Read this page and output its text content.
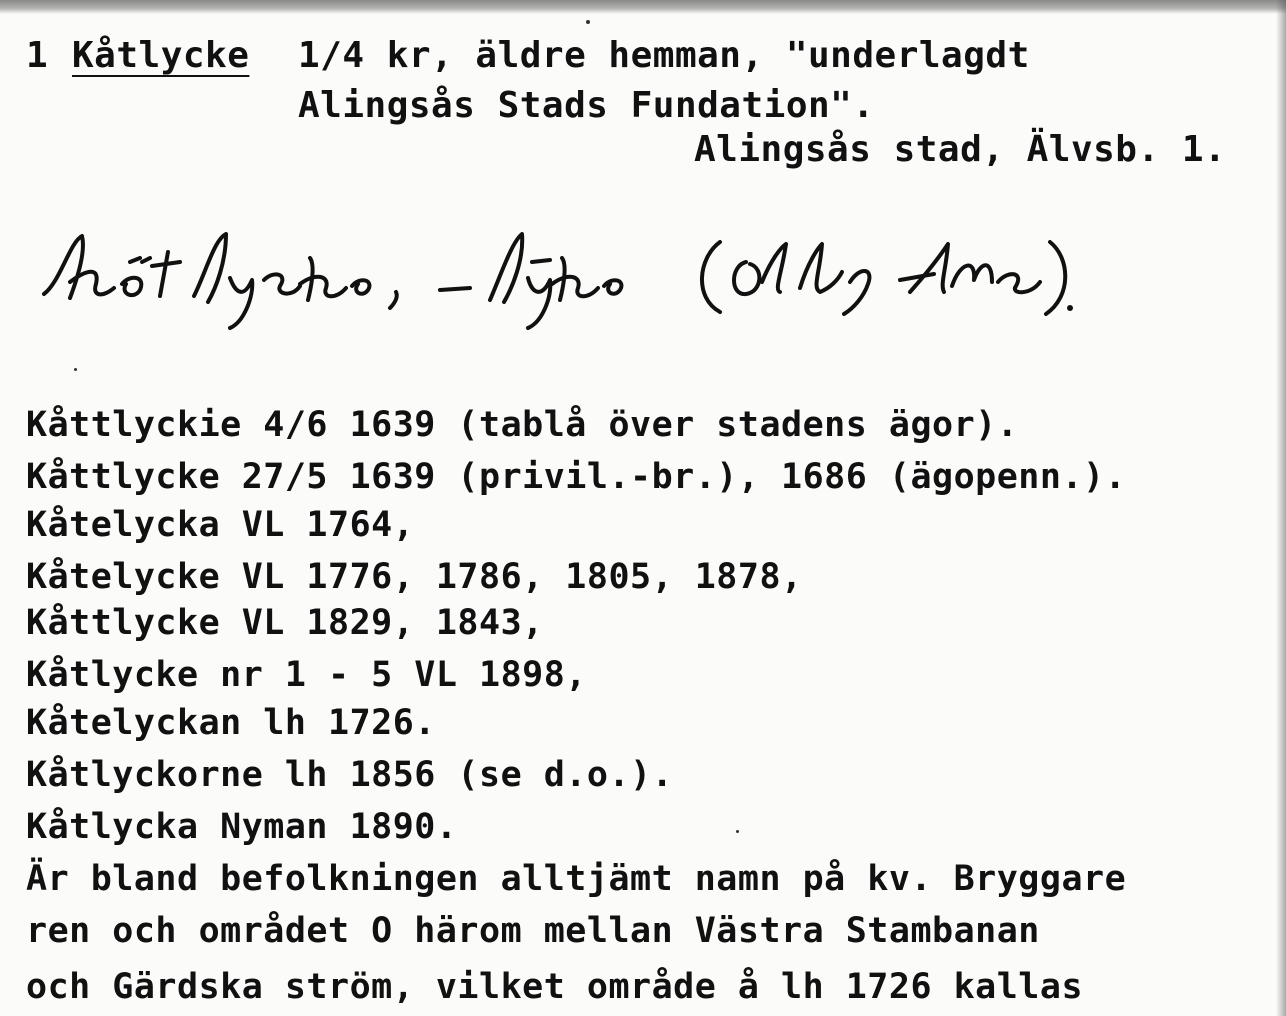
1 Kåtlycke 1/4 kr, äldre hemman, "underlagdt
Alingsås Stads Fundation".
Alingsås stad, Älvsb. 1.
Kåttlyckie 4/6 1639 (tablå över stadens ägor).
Kåttlycke 27/5 1639 (privil.-br.), 1686 (ägopenn.).
Kåtelycka VL 1764,
Kåtelycke VL 1776, 1786, 1805, 1878,
Kåttlycke VL 1829, 1843,
Kåtlycke nr 1 - 5 VL 1898,
Kåtelyckan lh 1726.
Kåtlyckorne lh 1856 (se d.o.).
Kåtlycka Nyman 1890.
Är bland befolkningen alltjämt namn på kv. Bryggare
ren och området O härom mellan Västra Stambanan
och Gärdska ström, vilket område å lh 1726 kallas
